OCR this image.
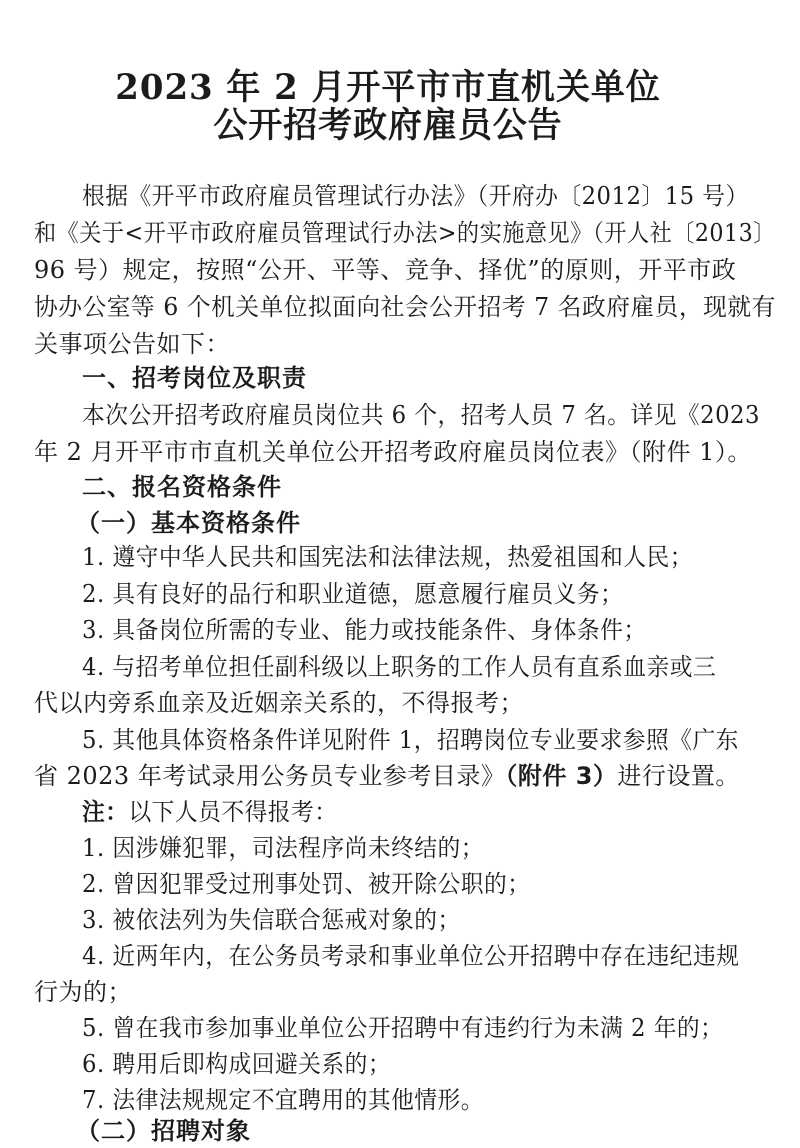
2023 年 2 月开平市市直机关单位
公开招考政府雇员公告
根据《开平市政府雇员管理试行办法》（开府办〔2012〕15 号）
和《关于<开平市政府雇员管理试行办法>的实施意见》（开人社〔2013〕
96 号）规定，按照“公开、平等、竞争、择优”的原则，开平市政
协办公室等 6 个机关单位拟面向社会公开招考 7 名政府雇员，现就有
关事项公告如下：
一、招考岗位及职责
本次公开招考政府雇员岗位共 6 个，招考人员 7 名。详见《2023
年 2 月开平市市直机关单位公开招考政府雇员岗位表》（附件 1）。
二、报名资格条件
（一）基本资格条件
1. 遵守中华人民共和国宪法和法律法规，热爱祖国和人民；
2. 具有良好的品行和职业道德，愿意履行雇员义务；
3. 具备岗位所需的专业、能力或技能条件、身体条件；
4. 与招考单位担任副科级以上职务的工作人员有直系血亲或三
代以内旁系血亲及近姻亲关系的，不得报考；
5. 其他具体资格条件详见附件 1，招聘岗位专业要求参照《广东
省 2023 年考试录用公务员专业参考目录》（附件 3）进行设置。
注：以下人员不得报考：
1. 因涉嫌犯罪，司法程序尚未终结的；
2. 曾因犯罪受过刑事处罚、被开除公职的；
3. 被依法列为失信联合惩戒对象的；
4. 近两年内，在公务员考录和事业单位公开招聘中存在违纪违规
行为的；
5. 曾在我市参加事业单位公开招聘中有违约行为未满 2 年的；
6. 聘用后即构成回避关系的；
7. 法律法规规定不宜聘用的其他情形。
（二）招聘对象
